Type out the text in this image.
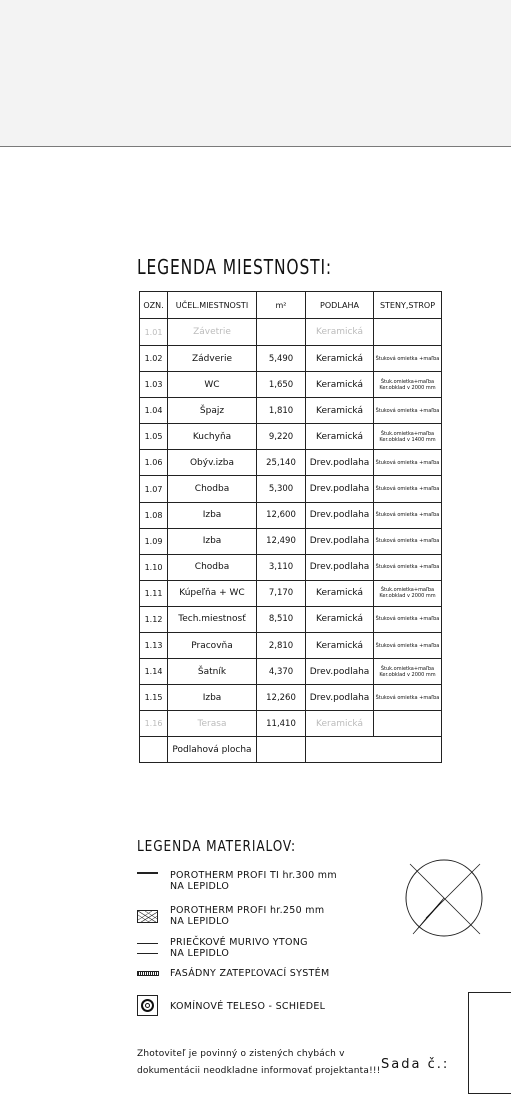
LEGENDA MIESTNOSTI:
OZN.	UČEL.MIESTNOSTI	m²	PODLAHA	STENY,STROP
1.01	Závetrie		Keramická	
1.02	Zádverie	5,490	Keramická	Štuková omietka +maľba
1.03	WC	1,650	Keramická	Štuk.omietka+maľba Ker.obklad v 2000 mm
1.04	Špajz	1,810	Keramická	Štuková omietka +maľba
1.05	Kuchyňa	9,220	Keramická	Štuk.omietka+maľba Ker.obklad v 1400 mm
1.06	Obýv.izba	25,140	Drev.podlaha	Štuková omietka +maľba
1.07	Chodba	5,300	Drev.podlaha	Štuková omietka +maľba
1.08	Izba	12,600	Drev.podlaha	Štuková omietka +maľba
1.09	Izba	12,490	Drev.podlaha	Štuková omietka +maľba
1.10	Chodba	3,110	Drev.podlaha	Štuková omietka +maľba
1.11	Kúpeľňa + WC	7,170	Keramická	Štuk.omietka+maľba Ker.obklad v 2000 mm
1.12	Tech.miestnosť	8,510	Keramická	Štuková omietka +maľba
1.13	Pracovňa	2,810	Keramická	Štuková omietka +maľba
1.14	Šatník	4,370	Drev.podlaha	Štuk.omietka+maľba Ker.obklad v 2000 mm
1.15	Izba	12,260	Drev.podlaha	Štuková omietka +maľba
1.16	Terasa	11,410	Keramická	
	Podlahová plocha			
LEGENDA MATERIALOV:
POROTHERM PROFI TI hr.300 mm
NA LEPIDLO
POROTHERM PROFI hr.250 mm
NA LEPIDLO
PRIEČKOVÉ MURIVO YTONG
NA LEPIDLO
FASÁDNY ZATEPĽOVACÍ SYSTÉM
KOMÍNOVÉ TELESO - SCHIEDEL
Zhotoviteľ je povinný o zistených chybách v dokumentácii neodkladne informovať projektanta!!! Sada č.:
